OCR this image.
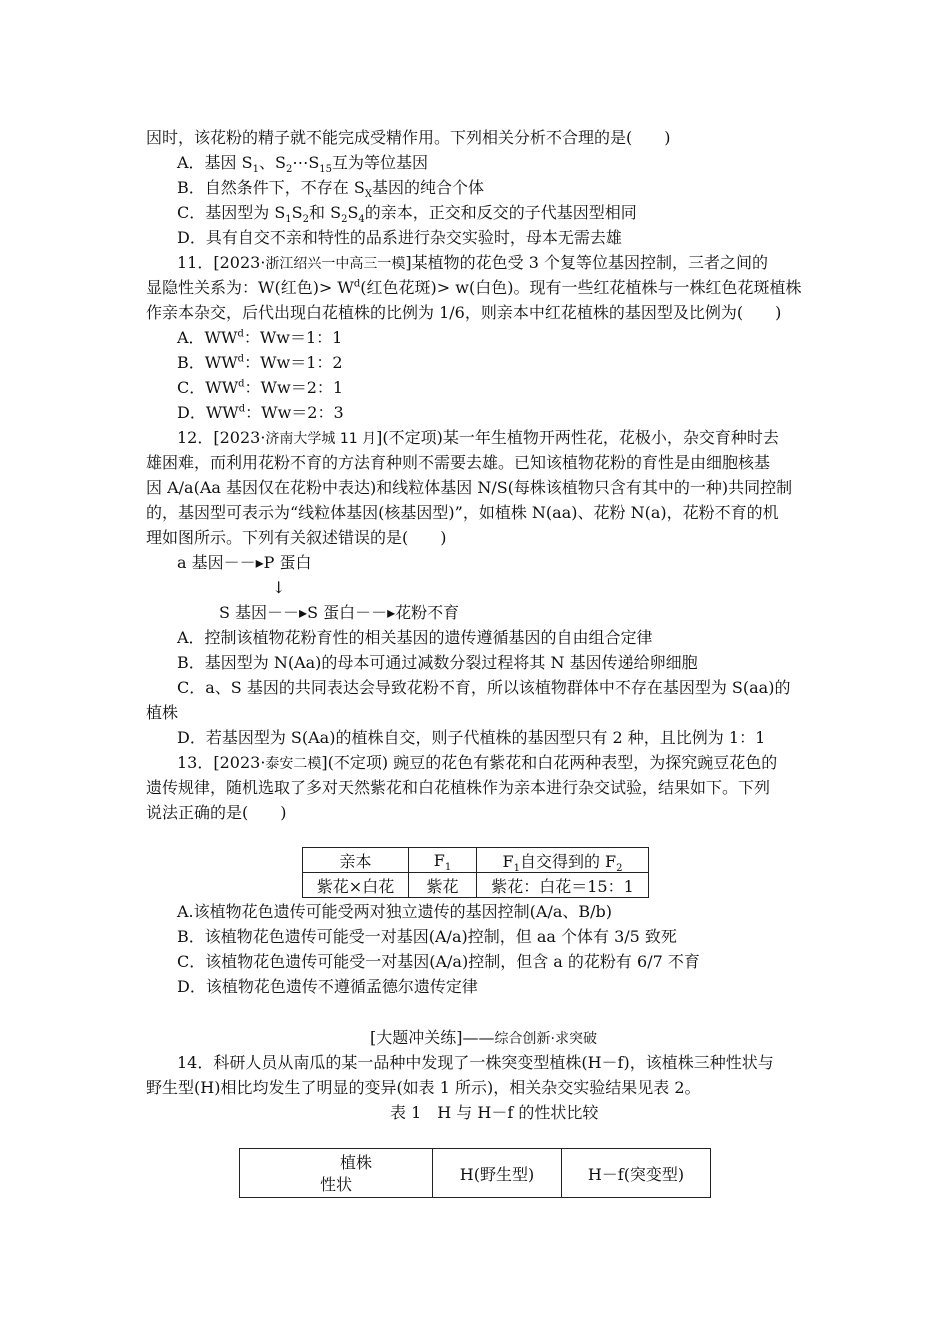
因时，该花粉的精子就不能完成受精作用。下列相关分析不合理的是(　　)
A．基因 $S_1$、$S_2\cdots S_{15}$互为等位基因
B．自然条件下，不存在 $S_X$基因的纯合个体
C．基因型为 $S_1S_2$和 $S_2S_4$的亲本，正交和反交的子代基因型相同
D．具有自交不亲和特性的品系进行杂交实验时，母本无需去雄
11．[2023·浙江绍兴一中高三一模]某植物的花色受 3 个复等位基因控制，三者之间的
显隐性关系为：W(红色)> $W^d$(红色花斑)> w(白色)。现有一些红花植株与一株红色花斑植株
作亲本杂交，后代出现白花植株的比例为 1/6，则亲本中红花植株的基因型及比例为(　　)
A．$WW^d$：Ww＝1：1
B．$WW^d$：Ww＝1：2
C．$WW^d$：Ww＝2：1
D．$WW^d$：Ww＝2：3
12．[2023·济南大学城 11 月](不定项)某一年生植物开两性花，花极小，杂交育种时去
雄困难，而利用花粉不育的方法育种则不需要去雄。已知该植物花粉的育性是由细胞核基
因 A/a(Aa 基因仅在花粉中表达)和线粒体基因 N/S(每株该植物只含有其中的一种)共同控制
的，基因型可表示为“线粒体基因(核基因型)”，如植株 N(aa)、花粉 N(a)，花粉不育的机
理如图所示。下列有关叙述错误的是(　　)
a 基因－－▸P 蛋白
↓
S 基因－－▸S 蛋白－－▸花粉不育
A．控制该植物花粉育性的相关基因的遗传遵循基因的自由组合定律
B．基因型为 N(Aa)的母本可通过减数分裂过程将其 N 基因传递给卵细胞
C．a、S 基因的共同表达会导致花粉不育，所以该植物群体中不存在基因型为 S(aa)的
植株
D．若基因型为 S(Aa)的植株自交，则子代植株的基因型只有 2 种，且比例为 1：1
13．[2023·泰安二模](不定项) 豌豆的花色有紫花和白花两种表型，为探究豌豆花色的
遗传规律，随机选取了多对天然紫花和白花植株作为亲本进行杂交试验，结果如下。下列
说法正确的是(　　)
亲本	$F_1$	$F_1$自交得到的 $F_2$
紫花×白花	紫花	紫花：白花＝15：1
A.该植物花色遗传可能受两对独立遗传的基因控制(A/a、B/b)
B．该植物花色遗传可能受一对基因(A/a)控制，但 aa 个体有 3/5 致死
C．该植物花色遗传可能受一对基因(A/a)控制，但含 a 的花粉有 6/7 不育
D．该植物花色遗传不遵循孟德尔遗传定律
[大题冲关练]——综合创新·求突破
14．科研人员从南瓜的某一品种中发现了一株突变型植株(H－f)，该植株三种性状与
野生型(H)相比均发生了明显的变异(如表 1 所示)，相关杂交实验结果见表 2。
表 1　H 与 H－f 的性状比较
植株
性状
	H(野生型)	H－f(突变型)
